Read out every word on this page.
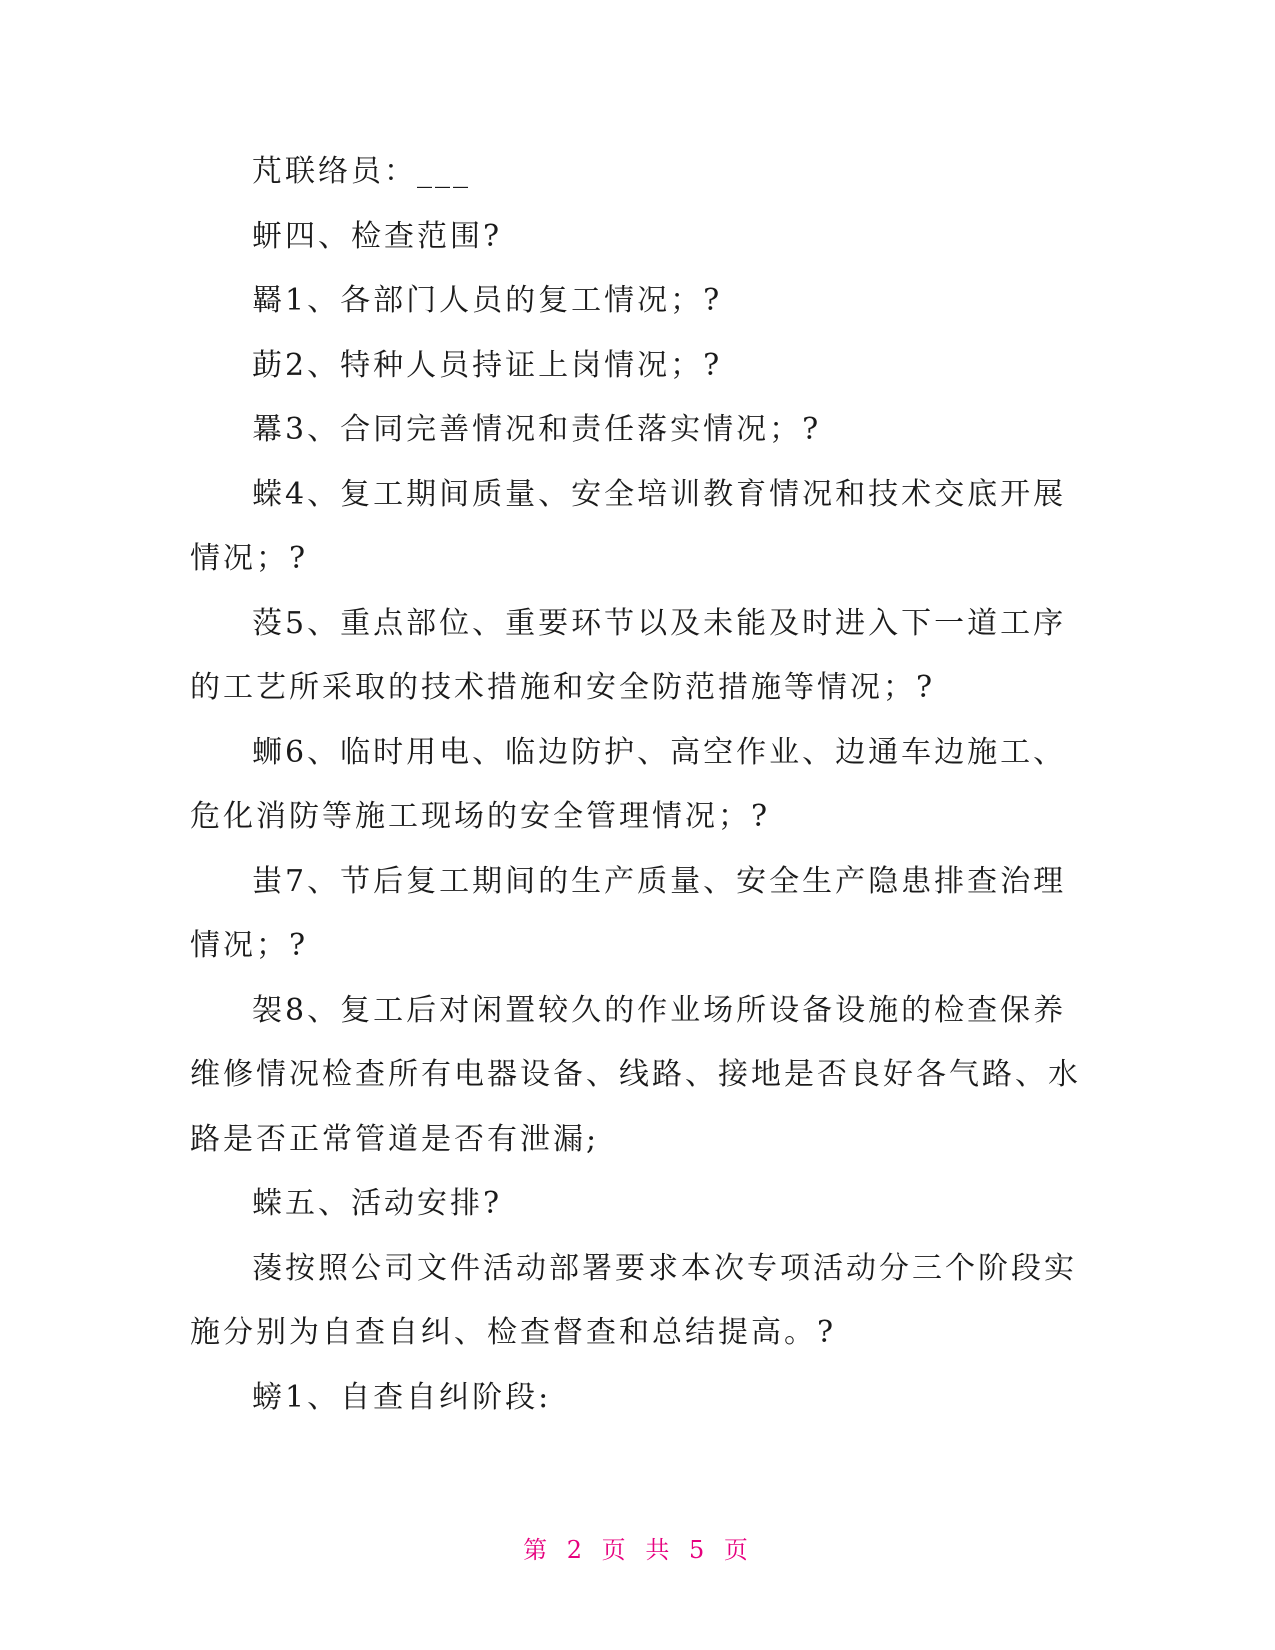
芃联络员：___

蚈四、检查范围?

羇1、各部门人员的复工情况；?

莇2、特种人员持证上岗情况；?

羃3、合同完善情况和责任落实情况；?

蝾4、复工期间质量、安全培训教育情况和技术交底开展情况；?

莈5、重点部位、重要环节以及未能及时进入下一道工序的工艺所采取的技术措施和安全防范措施等情况；?

蛳6、临时用电、临边防护、高空作业、边通车边施工、危化消防等施工现场的安全管理情况；?

蚩7、节后复工期间的生产质量、安全生产隐患排查治理情况；?

袈8、复工后对闲置较久的作业场所设备设施的检查保养维修情况检查所有电器设备、线路、接地是否良好各气路、水路是否正常管道是否有泄漏;

蝾五、活动安排?

蓤按照公司文件活动部署要求本次专项活动分三个阶段实施分别为自查自纠、检查督查和总结提高。?

螃1、自查自纠阶段:

第 2 页 共 5 页
